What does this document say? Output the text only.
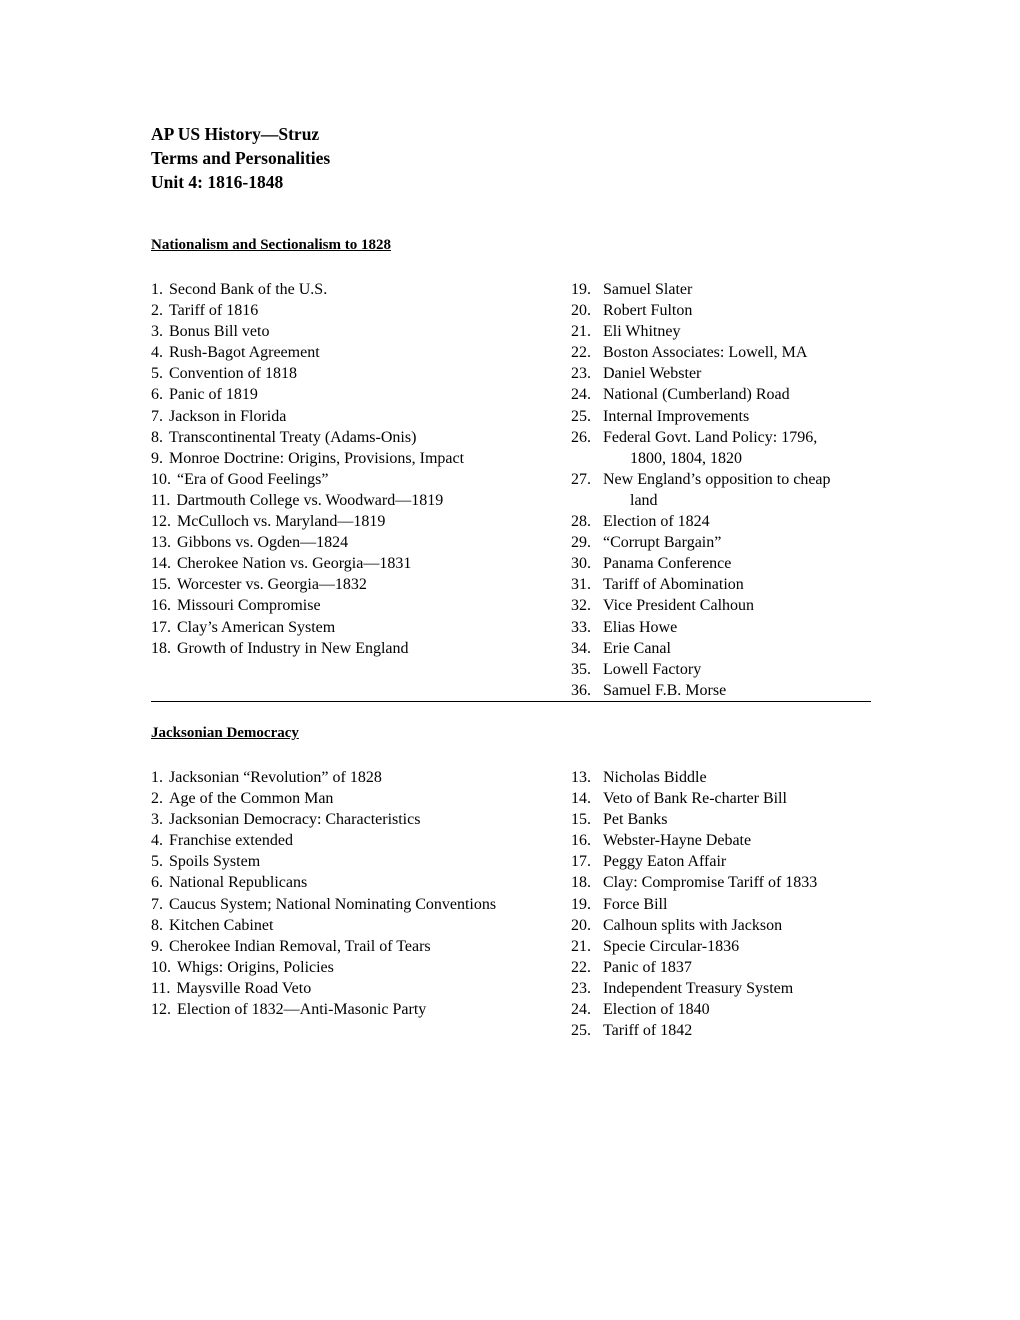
AP US History—Struz
Terms and Personalities
Unit 4: 1816-1848
Nationalism and Sectionalism to 1828
1. Second Bank of the U.S.
2. Tariff of 1816
3. Bonus Bill veto
4. Rush-Bagot Agreement
5. Convention of 1818
6. Panic of 1819
7. Jackson in Florida
8. Transcontinental Treaty (Adams-Onis)
9. Monroe Doctrine: Origins, Provisions, Impact
10. “Era of Good Feelings”
11. Dartmouth College vs. Woodward—1819
12. McCulloch vs. Maryland—1819
13. Gibbons vs. Ogden—1824
14. Cherokee Nation vs. Georgia—1831
15. Worcester vs. Georgia—1832
16. Missouri Compromise
17. Clay’s American System
18. Growth of Industry in New England
19. Samuel Slater
20. Robert Fulton
21. Eli Whitney
22. Boston Associates: Lowell, MA
23. Daniel Webster
24. National (Cumberland) Road
25. Internal Improvements
26. Federal Govt. Land Policy: 1796,
1800, 1804, 1820
27. New England’s opposition to cheap
land
28. Election of 1824
29. “Corrupt Bargain”
30. Panama Conference
31. Tariff of Abomination
32. Vice President Calhoun
33. Elias Howe
34. Erie Canal
35. Lowell Factory
36. Samuel F.B. Morse
Jacksonian Democracy
1. Jacksonian “Revolution” of 1828
2. Age of the Common Man
3. Jacksonian Democracy: Characteristics
4. Franchise extended
5. Spoils System
6. National Republicans
7. Caucus System; National Nominating Conventions
8. Kitchen Cabinet
9. Cherokee Indian Removal, Trail of Tears
10. Whigs: Origins, Policies
11. Maysville Road Veto
12. Election of 1832—Anti-Masonic Party
13. Nicholas Biddle
14. Veto of Bank Re-charter Bill
15. Pet Banks
16. Webster-Hayne Debate
17. Peggy Eaton Affair
18. Clay: Compromise Tariff of 1833
19. Force Bill
20. Calhoun splits with Jackson
21. Specie Circular-1836
22. Panic of 1837
23. Independent Treasury System
24. Election of 1840
25. Tariff of 1842
